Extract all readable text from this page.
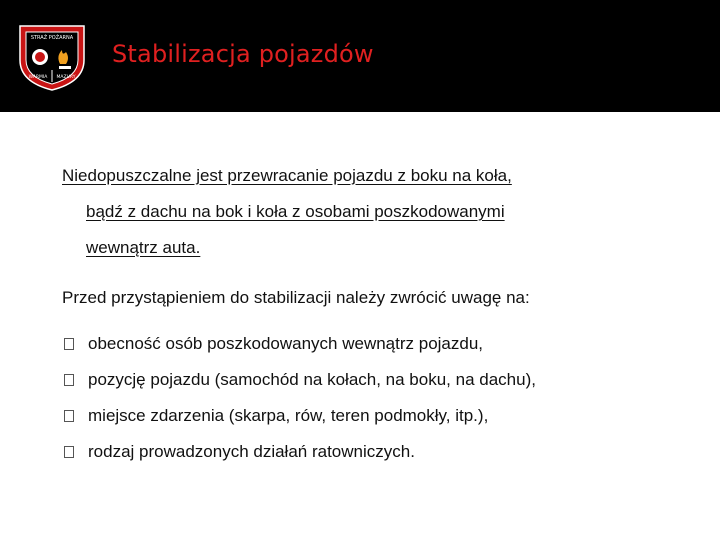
STRAŻ POŻARNA
WARMIA MAZURY
Stabilizacja pojazdów
Niedopuszczalne jest przewracanie pojazdu z boku na koła,
bądź z dachu na bok i koła z osobami poszkodowanymi
wewnątrz auta.
Przed przystąpieniem do stabilizacji należy zwrócić uwagę na:
obecność osób poszkodowanych wewnątrz pojazdu,
pozycję pojazdu (samochód na kołach, na boku, na dachu),
miejsce zdarzenia (skarpa, rów, teren podmokły, itp.),
rodzaj prowadzonych działań ratowniczych.
